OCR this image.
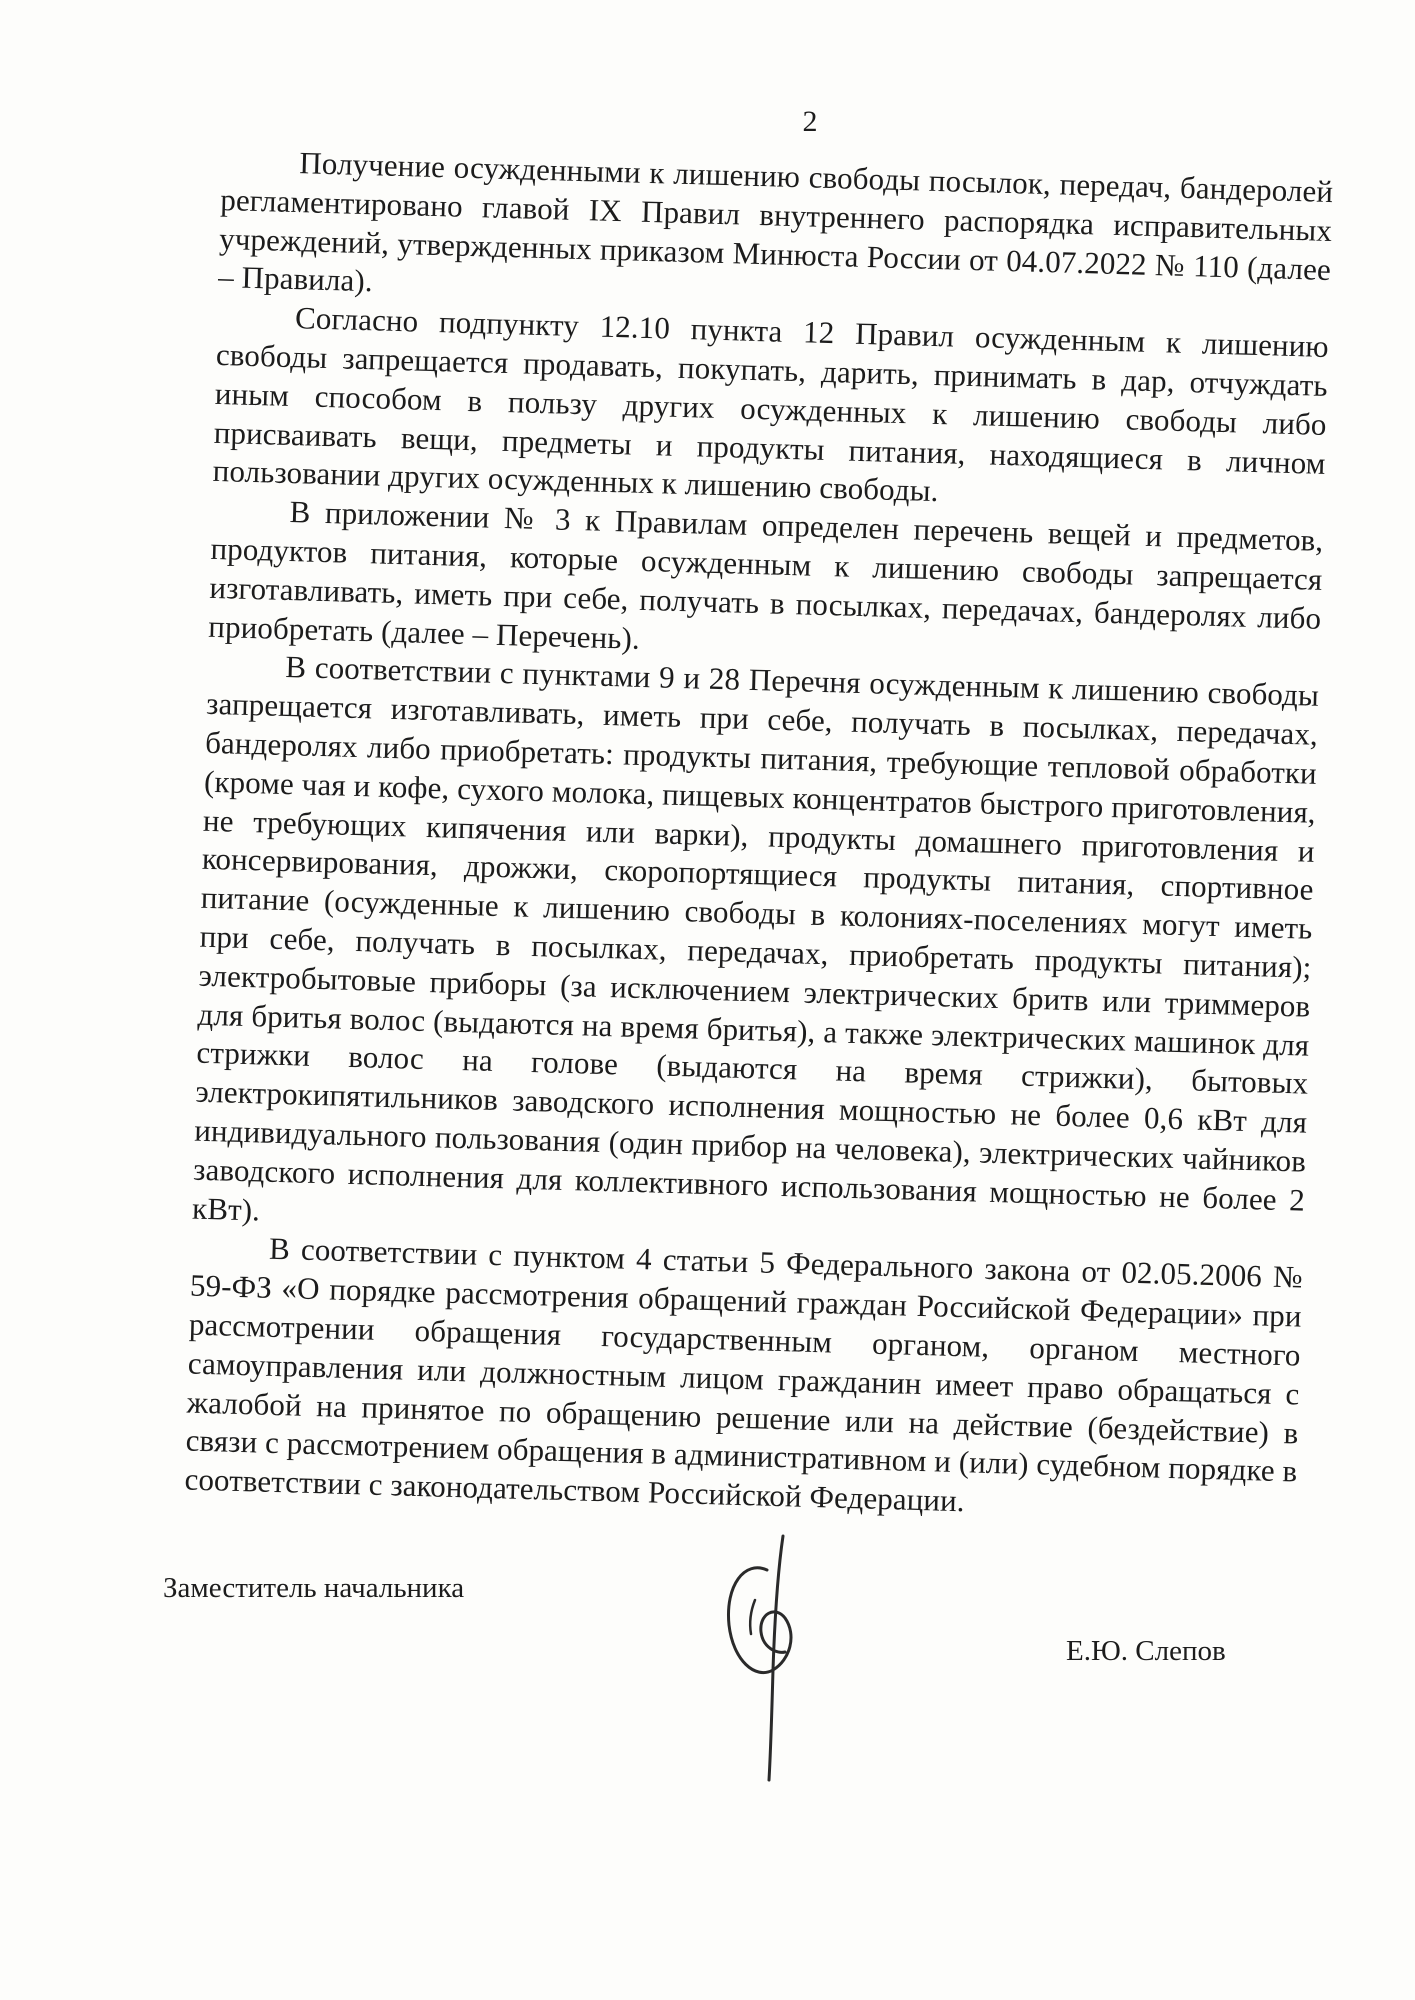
2

Получение осужденными к лишению свободы посылок, передач, бандеролей регламентировано главой IX Правил внутреннего распорядка исправительных учреждений, утвержденных приказом Минюста России от 04.07.2022 № 110 (далее – Правила).

Согласно подпункту 12.10 пункта 12 Правил осужденным к лишению свободы запрещается продавать, покупать, дарить, принимать в дар, отчуждать иным способом в пользу других осужденных к лишению свободы либо присваивать вещи, предметы и продукты питания, находящиеся в личном пользовании других осужденных к лишению свободы.

В приложении № 3 к Правилам определен перечень вещей и предметов, продуктов питания, которые осужденным к лишению свободы запрещается изготавливать, иметь при себе, получать в посылках, передачах, бандеролях либо приобретать (далее – Перечень).

В соответствии с пунктами 9 и 28 Перечня осужденным к лишению свободы запрещается изготавливать, иметь при себе, получать в посылках, передачах, бандеролях либо приобретать: продукты питания, требующие тепловой обработки (кроме чая и кофе, сухого молока, пищевых концентратов быстрого приготовления, не требующих кипячения или варки), продукты домашнего приготовления и консервирования, дрожжи, скоропортящиеся продукты питания, спортивное питание (осужденные к лишению свободы в колониях-поселениях могут иметь при себе, получать в посылках, передачах, приобретать продукты питания); электробытовые приборы (за исключением электрических бритв или триммеров для бритья волос (выдаются на время бритья), а также электрических машинок для стрижки волос на голове (выдаются на время стрижки), бытовых электрокипятильников заводского исполнения мощностью не более 0,6 кВт для индивидуального пользования (один прибор на человека), электрических чайников заводского исполнения для коллективного использования мощностью не более 2 кВт).

В соответствии с пунктом 4 статьи 5 Федерального закона от 02.05.2006 № 59-ФЗ «О порядке рассмотрения обращений граждан Российской Федерации» при рассмотрении обращения государственным органом, органом местного самоуправления или должностным лицом гражданин имеет право обращаться с жалобой на принятое по обращению решение или на действие (бездействие) в связи с рассмотрением обращения в административном и (или) судебном порядке в соответствии с законодательством Российской Федерации.

Заместитель начальника
Е.Ю. Слепов
